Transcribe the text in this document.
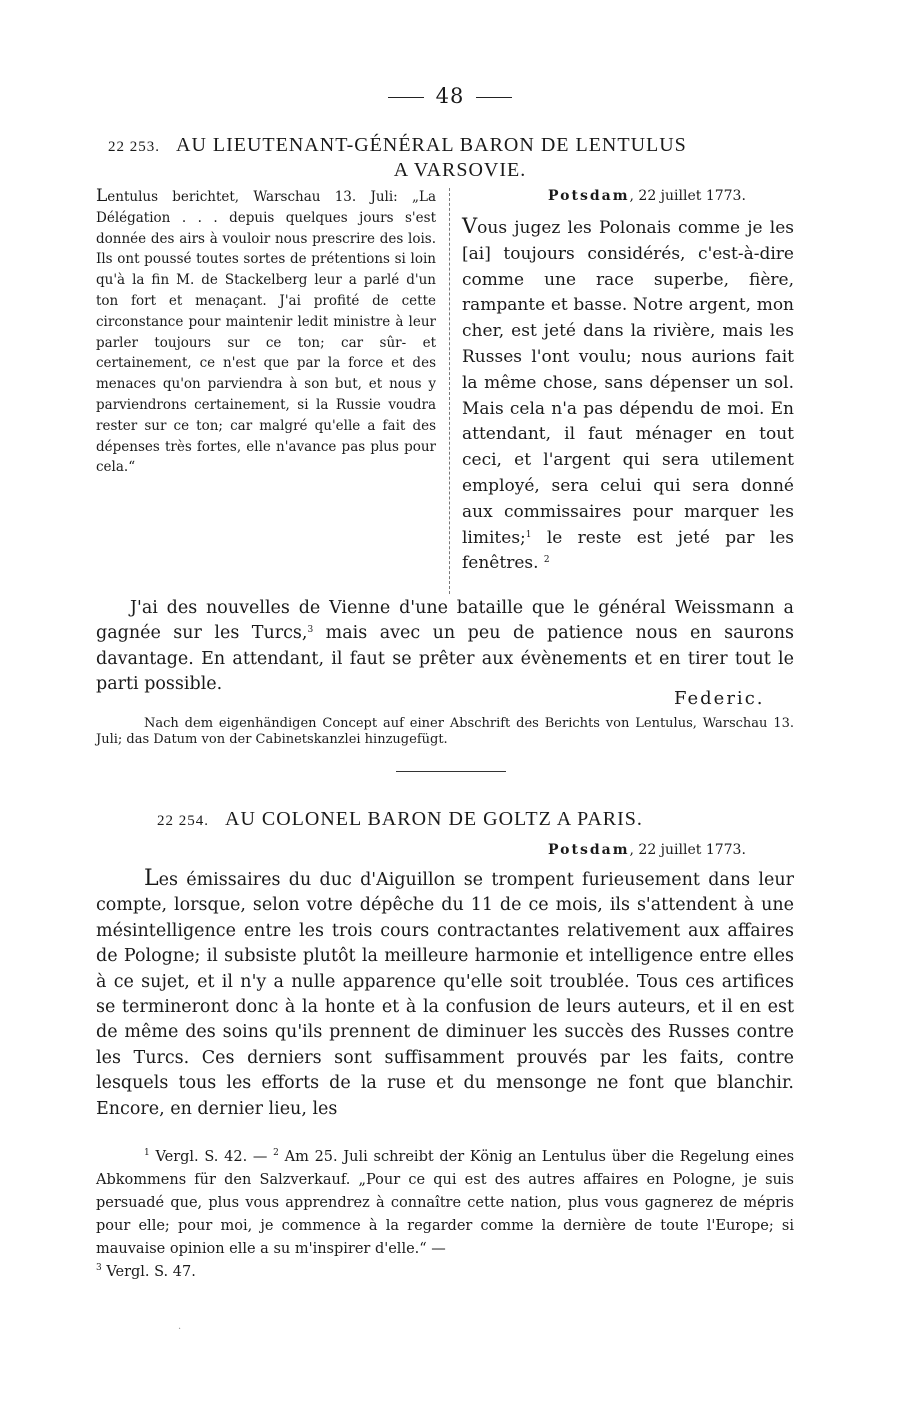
48
22 253. AU LIEUTENANT-GÉNÉRAL BARON DE LENTULUS
A VARSOVIE.
Lentulus berichtet, Warschau 13. Juli: „La Délégation . . . depuis quelques jours s'est donnée des airs à vouloir nous prescrire des lois. Ils ont poussé toutes sortes de prétentions si loin qu'à la fin M. de Stackelberg leur a parlé d'un ton fort et menaçant. J'ai profité de cette circonstance pour maintenir ledit ministre à leur parler toujours sur ce ton; car sûr- et certainement, ce n'est que par la force et des menaces qu'on parviendra à son but, et nous y parviendrons certainement, si la Russie voudra rester sur ce ton; car malgré qu'elle a fait des dépenses très fortes, elle n'avance pas plus pour cela.“
Potsdam, 22 juillet 1773.
Vous jugez les Polonais comme je les [ai] toujours considérés, c'est-à-dire comme une race superbe, fière, rampante et basse. Notre argent, mon cher, est jeté dans la rivière, mais les Russes l'ont voulu; nous aurions fait la même chose, sans dépenser un sol. Mais cela n'a pas dépendu de moi. En attendant, il faut ménager en tout ceci, et l'argent qui sera utilement employé, sera celui qui sera donné aux commissaires pour marquer les limites;$^1$ le reste est jeté par les fenêtres. $^2$
J'ai des nouvelles de Vienne d'une bataille que le général Weissmann a gagnée sur les Turcs,$^3$ mais avec un peu de patience nous en saurons davantage. En attendant, il faut se prêter aux évènements et en tirer tout le parti possible.
Federic.
Nach dem eigenhändigen Concept auf einer Abschrift des Berichts von Lentulus, Warschau 13. Juli; das Datum von der Cabinetskanzlei hinzugefügt.
22 254. AU COLONEL BARON DE GOLTZ A PARIS.
Potsdam, 22 juillet 1773.
Les émissaires du duc d'Aiguillon se trompent furieusement dans leur compte, lorsque, selon votre dépêche du 11 de ce mois, ils s'attendent à une mésintelligence entre les trois cours contractantes relativement aux affaires de Pologne; il subsiste plutôt la meilleure harmonie et intelligence entre elles à ce sujet, et il n'y a nulle apparence qu'elle soit troublée. Tous ces artifices se termineront donc à la honte et à la confusion de leurs auteurs, et il en est de même des soins qu'ils prennent de diminuer les succès des Russes contre les Turcs. Ces derniers sont suffisamment prouvés par les faits, contre lesquels tous les efforts de la ruse et du mensonge ne font que blanchir. Encore, en dernier lieu, les
$^1$ Vergl. S. 42. — $^2$ Am 25. Juli schreibt der König an Lentulus über die Regelung eines Abkommens für den Salzverkauf. „Pour ce qui est des autres affaires en Pologne, je suis persuadé que, plus vous apprendrez à connaître cette nation, plus vous gagnerez de mépris pour elle; pour moi, je commence à la regarder comme la dernière de toute l'Europe; si mauvaise opinion elle a su m'inspirer d'elle.“ —
$^3$ Vergl. S. 47.
·
